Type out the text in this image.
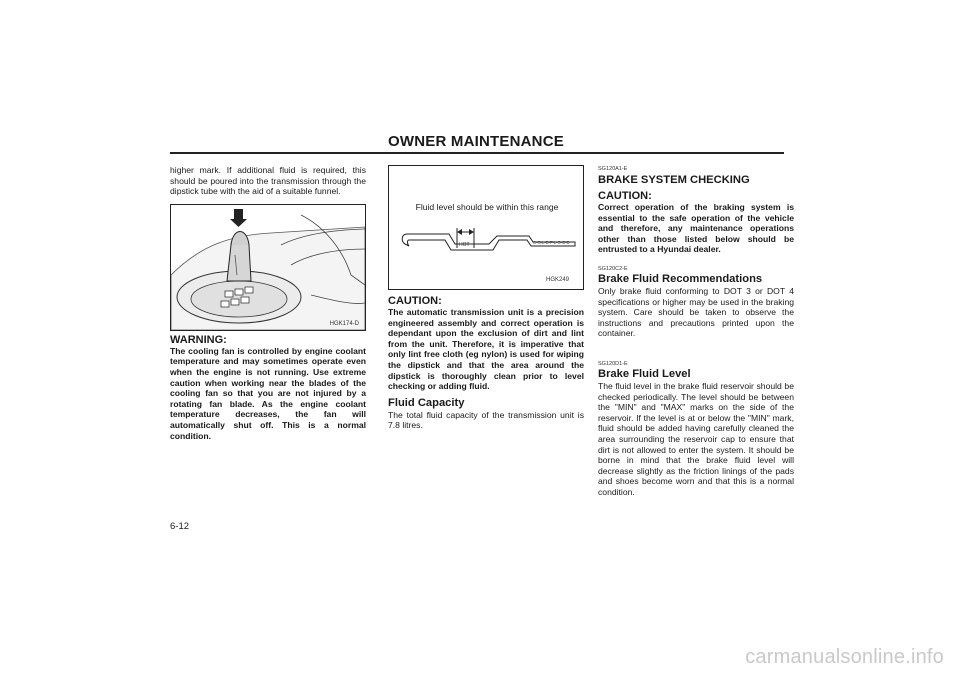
OWNER MAINTENANCE

higher mark. If additional fluid is required, this should be poured into the transmission through the dipstick tube with the aid of a suitable funnel.

HGK174-D
WARNING:

The cooling fan is controlled by engine coolant temperature and may sometimes operate even when the engine is not running. Use extreme caution when working near the blades of the cooling fan so that you are not injured by a rotating fan blade. As the engine coolant temperature decreases, the fan will automatically shut off. This is a normal condition.

Fluid level should be within this range
HOT	C-O-L-D-F-L-O-O-D
HGK249
CAUTION:

The automatic transmission unit is a precision engineered assembly and correct operation is dependant upon the exclusion of dirt and lint from the unit. Therefore, it is imperative that only lint free cloth (eg nylon) is used for wiping the dipstick and that the area around the dipstick is thoroughly clean prior to level checking or adding fluid.

Fluid Capacity

The total fluid capacity of the transmission unit is 7.8 litres.

SG120A1-E
BRAKE SYSTEM CHECKING
CAUTION:

Correct operation of the braking system is essential to the safe operation of the vehicle and therefore, any maintenance operations other than those listed below should be entrusted to a Hyundai dealer.

SG120C2-E
Brake Fluid Recommendations

Only brake fluid conforming to DOT 3 or DOT 4 specifications or higher may be used in the braking system. Care should be taken to observe the instructions and precautions printed upon the container.

SG120D1-E
Brake Fluid Level

The fluid level in the brake fluid reservoir should be checked periodically. The level should be between the "MIN" and "MAX" marks on the side of the reservoir. If the level is at or below the "MIN" mark, fluid should be added having carefully cleaned the area surrounding the reservoir cap to ensure that dirt is not allowed to enter the system. It should be borne in mind that the brake fluid level will decrease slightly as the friction linings of the pads and shoes become worn and that this is a normal condition.

6-12
carmanualsonline.info
